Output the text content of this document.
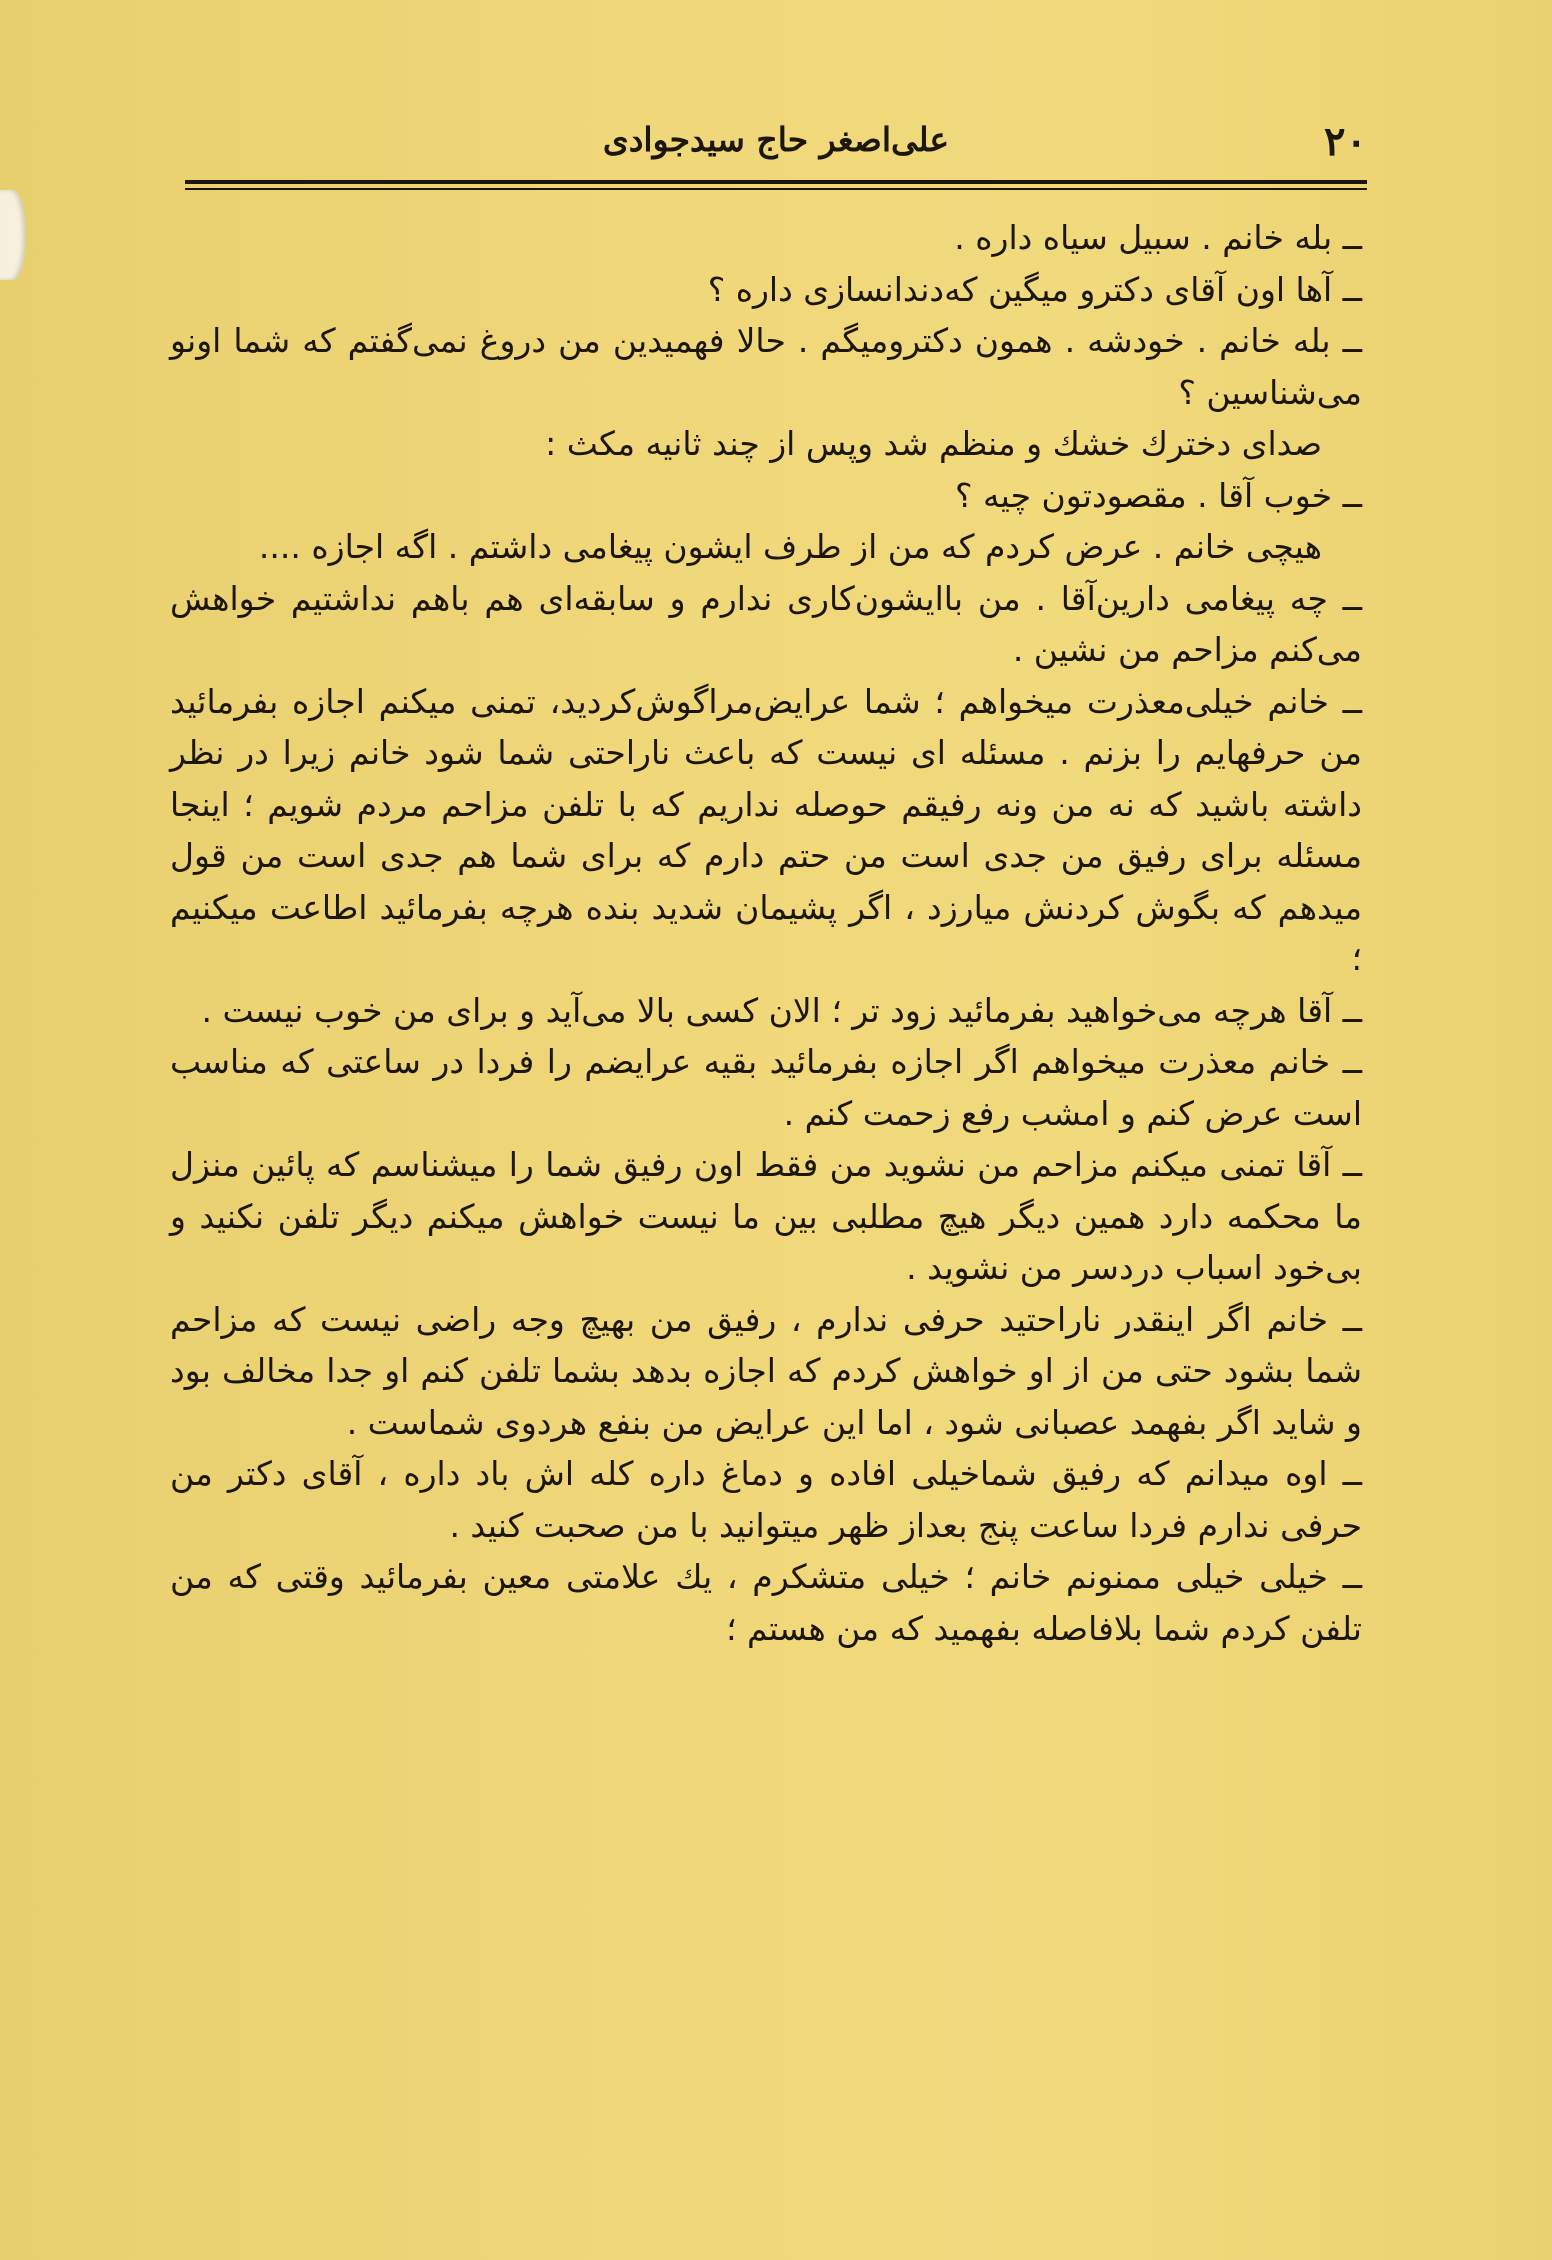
۲۰
علی‌اصغر حاج سیدجوادی

ــ بله خانم . سبیل سیاه داره .

ــ آها اون آقای دکترو میگین که‌دندانسازی داره ؟

ــ بله خانم . خودشه . همون دکترومیگم . حالا فهمیدین من دروغ نمی‌گفتم که شما اونو می‌شناسین ؟

صدای دخترك خشك و منظم شد وپس از چند ثانیه مکث :

ــ خوب آقا . مقصودتون چیه ؟

هیچی خانم . عرض کردم که من از طرف ایشون پیغامی داشتم . اگه اجازه ....

ــ چه پیغامی دارین‌آقا . من باایشون‌کاری ندارم و سابقه‌ای هم باهم نداشتیم خواهش می‌کنم مزاحم من نشین .

ــ خانم خیلی‌معذرت میخواهم ؛ شما عرایض‌مراگوش‌کردید، تمنی میکنم اجازه بفرمائید من حرفهایم را بزنم . مسئله ای نیست که باعث ناراحتی شما شود خانم زیرا در نظر داشته باشید که نه من ونه رفیقم حوصله نداریم که با تلفن مزاحم مردم شویم ؛ اینجا مسئله برای رفیق من جدی است من حتم دارم که برای شما هم جدی است من قول میدهم که بگوش کردنش میارزد ، اگر پشیمان شدید بنده هرچه بفرمائید اطاعت میکنیم ؛

ــ آقا هرچه می‌خواهید بفرمائید زود تر ؛ الان کسی بالا می‌آید و برای من خوب نیست .

ــ خانم معذرت میخواهم اگر اجازه بفرمائید بقیه عرایضم را فردا در ساعتی که مناسب است عرض کنم و امشب رفع زحمت کنم .

ــ آقا تمنی میکنم مزاحم من نشوید من فقط اون رفیق شما را میشناسم که پائین منزل ما محکمه دارد همین دیگر هیچ مطلبی بین ما نیست خواهش میکنم دیگر تلفن نکنید و بی‌خود اسباب دردسر من نشوید .

ــ خانم اگر اینقدر ناراحتید حرفی ندارم ، رفیق من بهیچ وجه راضی نیست که مزاحم شما بشود حتی من از او خواهش کردم که اجازه بدهد بشما تلفن کنم او جدا مخالف بود و شاید اگر بفهمد عصبانی شود ، اما این عرایض من بنفع هردوی شماست .

ــ اوه میدانم که رفیق شماخیلی افاده و دماغ داره کله اش باد داره ، آقای دکتر من حرفی ندارم فردا ساعت پنج بعداز ظهر میتوانید با من صحبت کنید .

ــ خیلی خیلی ممنونم خانم ؛ خیلی متشکرم ، یك علامتی معین بفرمائید وقتی که من تلفن کردم شما بلافاصله بفهمید که من هستم ؛
